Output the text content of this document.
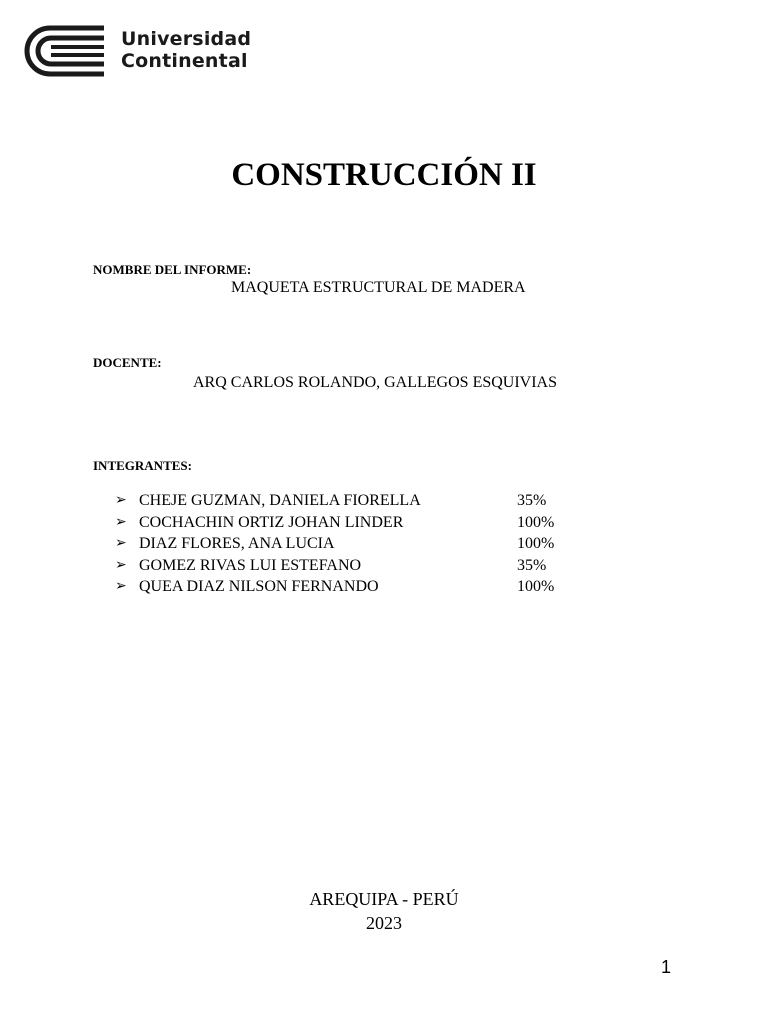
Universidad
Continental
CONSTRUCCIÓN II
NOMBRE DEL INFORME:
MAQUETA ESTRUCTURAL DE MADERA
DOCENTE:
ARQ CARLOS ROLANDO, GALLEGOS ESQUIVIAS
INTEGRANTES:
➢ CHEJE GUZMAN, DANIELA FIORELLA	35%
➢ COCHACHIN ORTIZ JOHAN LINDER	100%
➢ DIAZ FLORES, ANA LUCIA	100%
➢ GOMEZ RIVAS LUI ESTEFANO	35%
➢ QUEA DIAZ NILSON FERNANDO	100%
AREQUIPA - PERÚ
2023
1
